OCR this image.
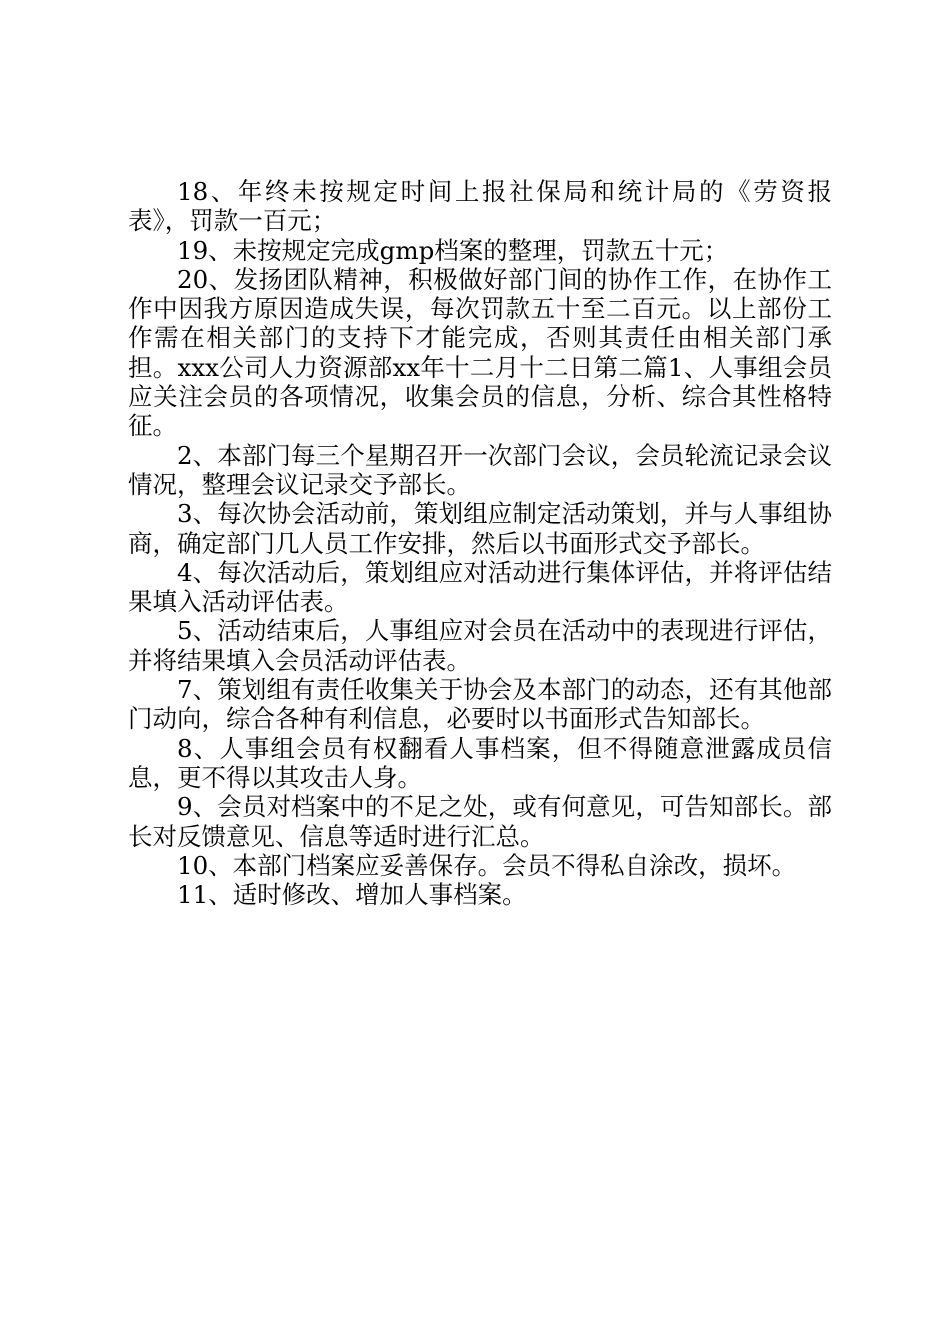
18、年终未按规定时间上报社保局和统计局的《劳资报表》，罚款一百元；

19、未按规定完成gmp档案的整理，罚款五十元；

20、发扬团队精神，积极做好部门间的协作工作，在协作工作中因我方原因造成失误，每次罚款五十至二百元。以上部份工作需在相关部门的支持下才能完成，否则其责任由相关部门承担。xxx公司人力资源部xx年十二月十二日第二篇1、人事组会员应关注会员的各项情况，收集会员的信息，分析、综合其性格特征。

2、本部门每三个星期召开一次部门会议，会员轮流记录会议情况，整理会议记录交予部长。

3、每次协会活动前，策划组应制定活动策划，并与人事组协商，确定部门几人员工作安排，然后以书面形式交予部长。

4、每次活动后，策划组应对活动进行集体评估，并将评估结果填入活动评估表。

5、活动结束后，人事组应对会员在活动中的表现进行评估，并将结果填入会员活动评估表。

7、策划组有责任收集关于协会及本部门的动态，还有其他部门动向，综合各种有利信息，必要时以书面形式告知部长。

8、人事组会员有权翻看人事档案，但不得随意泄露成员信息，更不得以其攻击人身。

9、会员对档案中的不足之处，或有何意见，可告知部长。部长对反馈意见、信息等适时进行汇总。

10、本部门档案应妥善保存。会员不得私自涂改，损坏。

11、适时修改、增加人事档案。
